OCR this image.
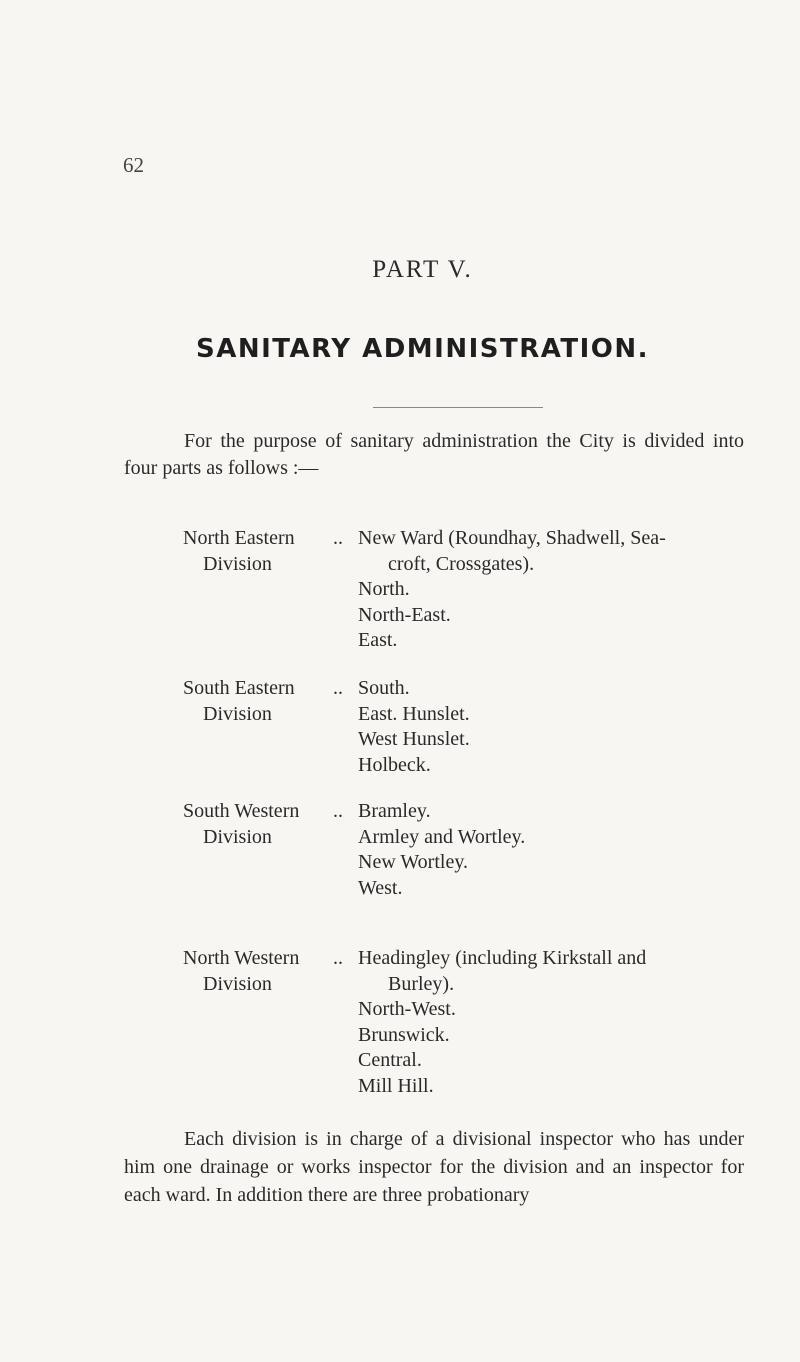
62
PART V.
SANITARY ADMINISTRATION.

For the purpose of sanitary administration the City is divided into four parts as follows :—

North Eastern
Division
.. New Ward (Roundhay, Shadwell, Sea-
croft, Crossgates).
North.
North-East.
East.
South Eastern
Division
.. South.
East. Hunslet.
West Hunslet.
Holbeck.
South Western
Division
.. Bramley.
Armley and Wortley.
New Wortley.
West.
North Western
Division
.. Headingley (including Kirkstall and
Burley).
North-West.
Brunswick.
Central.
Mill Hill.

Each division is in charge of a divisional inspector who has under him one drainage or works inspector for the division and an inspector for each ward. In addition there are three probationary
